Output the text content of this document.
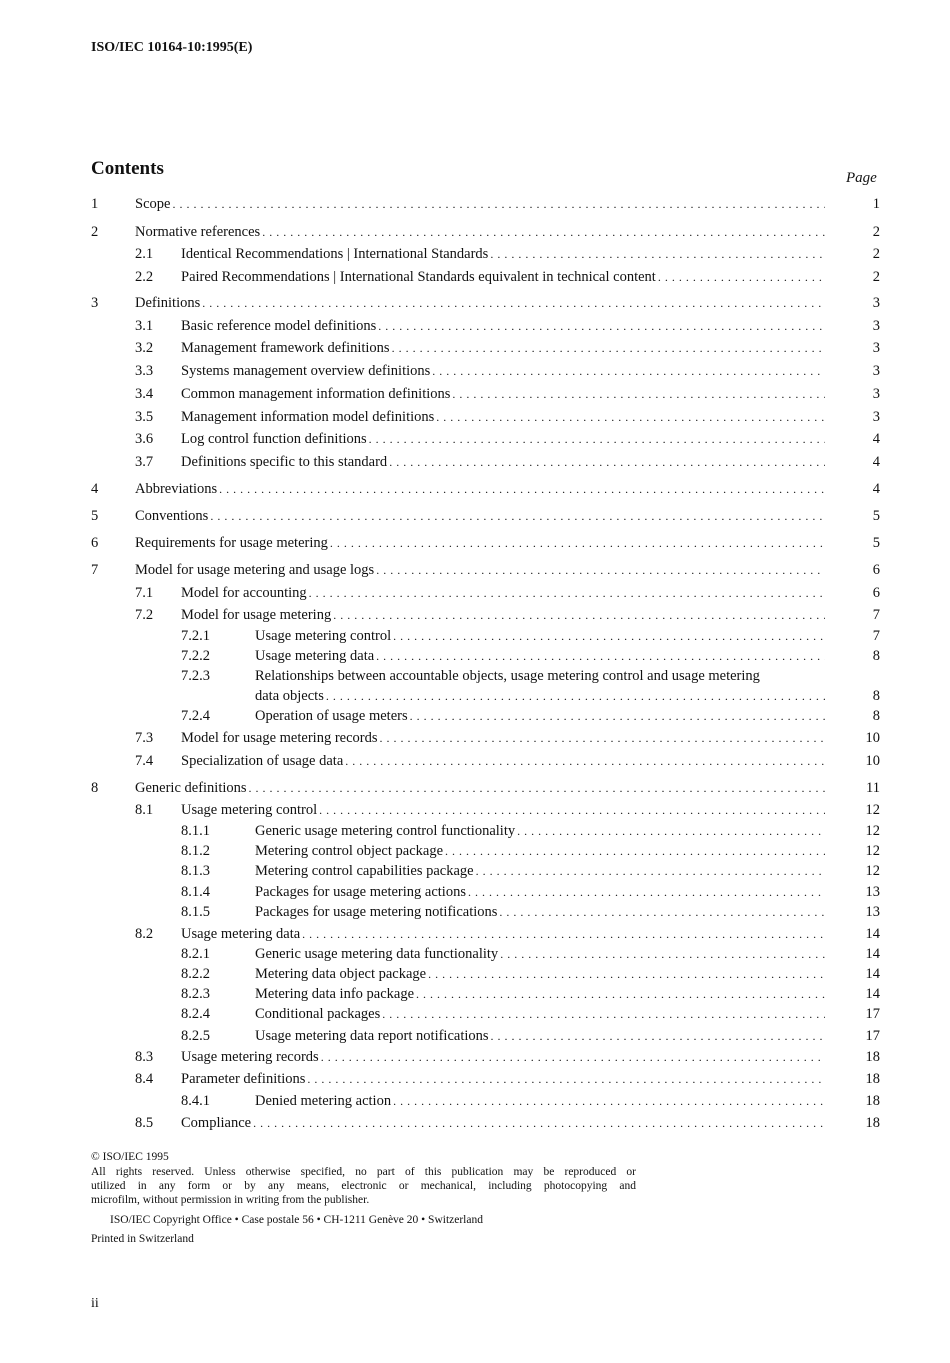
ISO/IEC 10164-10:1995(E)
Contents	Page
1	Scope . . .	1
2	Normative references . . .	2
2.1 Identical Recommendations | International Standards . . .	2
2.2 Paired Recommendations | International Standards equivalent in technical content . . .	2
3	Definitions . . .	3
3.1 Basic reference model definitions . . .	3
3.2 Management framework definitions . . .	3
3.3 Systems management overview definitions . . .	3
3.4 Common management information definitions . . .	3
3.5 Management information model definitions . . .	3
3.6 Log control function definitions . . .	4
3.7 Definitions specific to this standard . . .	4
4	Abbreviations . . .	4
5	Conventions . . .	5
6	Requirements for usage metering . . .	5
7	Model for usage metering and usage logs . . .	6
7.1 Model for accounting . . .	6
7.2 Model for usage metering . . .	7
7.2.1	Usage metering control . . .	7
7.2.2	Usage metering data . . .	8
7.2.3	Relationships between accountable objects, usage metering control and usage metering
data objects . . .	8
7.2.4	Operation of usage meters . . .	8
7.3 Model for usage metering records . . .	10
7.4 Specialization of usage data . . .	10
8	Generic definitions . . .	11
8.1 Usage metering control . . .	12
8.1.1	Generic usage metering control functionality . . .	12
8.1.2	Metering control object package . . .	12
8.1.3	Metering control capabilities package . . .	12
8.1.4	Packages for usage metering actions . . .	13
8.1.5	Packages for usage metering notifications . . .	13
8.2 Usage metering data . . .	14
8.2.1	Generic usage metering data functionality . . .	14
8.2.2	Metering data object package . . .	14
8.2.3	Metering data info package . . .	14
8.2.4	Conditional packages . . .	17
8.2.5	Usage metering data report notifications . . .	17
8.3 Usage metering records . . .	18
8.4 Parameter definitions . . .	18
8.4.1	Denied metering action . . .	18
8.5 Compliance . . .	18
© ISO/IEC 1995
All rights reserved. Unless otherwise specified, no part of this publication may be reproduced or
utilized in any form or by any means, electronic or mechanical, including photocopying and
microfilm, without permission in writing from the publisher.
ISO/IEC Copyright Office • Case postale 56 • CH-1211 Genève 20 • Switzerland
Printed in Switzerland
ii
